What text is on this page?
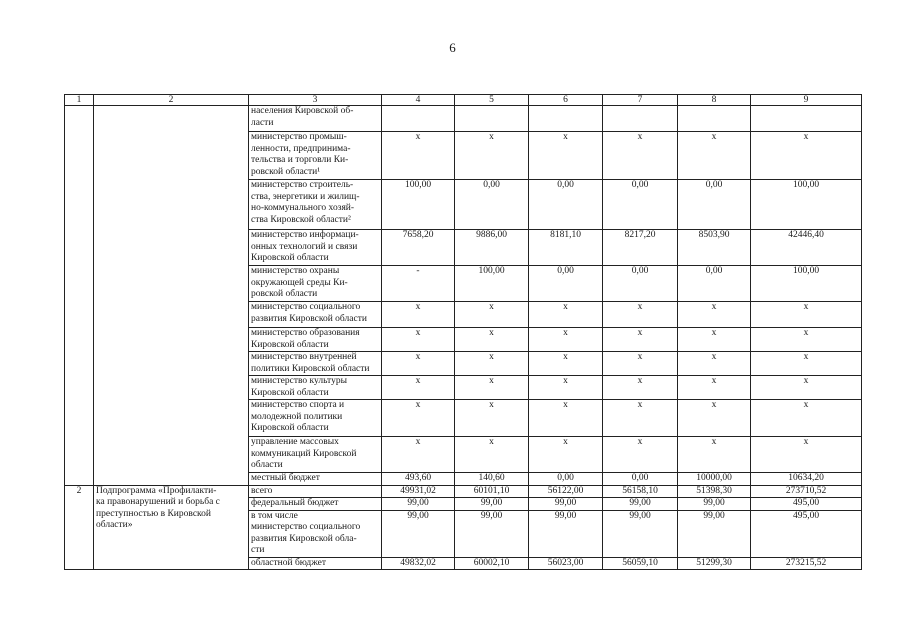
6
1	2	3	4	5	6	7	8	9
		населения Кировской об-
ласти						
		министерство промыш-
ленности, предпринима-
тельства и торговли Ки-
ровской области¹	x	x	x	x	x	x
		министерство строитель-
ства, энергетики и жилищ-
но-коммунального хозяй-
ства Кировской области²	100,00	0,00	0,00	0,00	0,00	100,00
		министерство информаци-
онных технологий и связи
Кировской области	7658,20	9886,00	8181,10	8217,20	8503,90	42446,40
		министерство охраны
окружающей среды Ки-
ровской области	-	100,00	0,00	0,00	0,00	100,00
		министерство социального
развития Кировской области	x	x	x	x	x	x
		министерство образования
Кировской области	x	x	x	x	x	x
		министерство внутренней
политики Кировской области	x	x	x	x	x	x
		министерство культуры
Кировской области	x	x	x	x	x	x
		министерство спорта и
молодежной политики
Кировской области	x	x	x	x	x	x
		управление массовых
коммуникаций Кировской
области	x	x	x	x	x	x
		местный бюджет	493,60	140,60	0,00	0,00	10000,00	10634,20
2	Подпрограмма «Профилакти-
ка правонарушений и борьба с
преступностью в Кировской
области»	всего	49931,02	60101,10	56122,00	56158,10	51398,30	273710,52
		федеральный бюджет	99,00	99,00	99,00	99,00	99,00	495,00
		в том числе
министерство социального
развития Кировской обла-
сти	99,00	99,00	99,00	99,00	99,00	495,00
		областной бюджет	49832,02	60002,10	56023,00	56059,10	51299,30	273215,52
